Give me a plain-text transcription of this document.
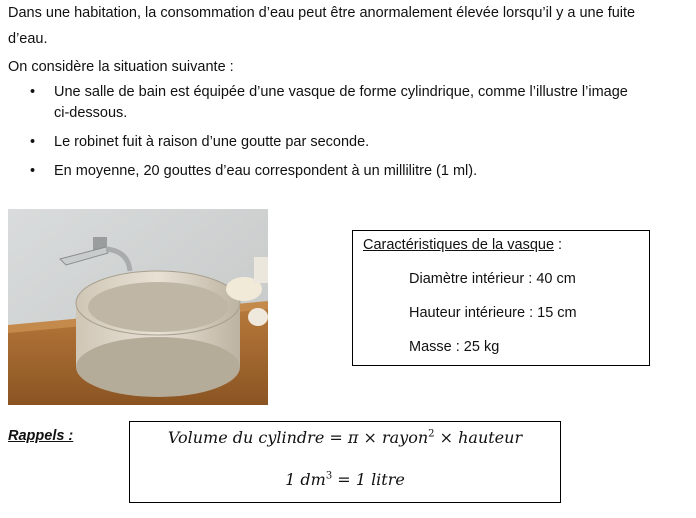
Dans une habitation, la consommation d’eau peut être anormalement élevée lorsqu’il y a une fuite
d’eau.
On considère la situation suivante :
• Une salle de bain est équipée d’une vasque de forme cylindrique, comme l’illustre l’image
ci-dessous.
• Le robinet fuit à raison d’une goutte par seconde.
• En moyenne, 20 gouttes d’eau correspondent à un millilitre (1 ml).
Caractéristiques de la vasque :
Diamètre intérieur : 40 cm
Hauteur intérieure : 15 cm
Masse : 25 kg
Rappels :	Volume du cylindre = π × rayon$^2$ × hauteur
1 $dm^3 = 1$ litre
